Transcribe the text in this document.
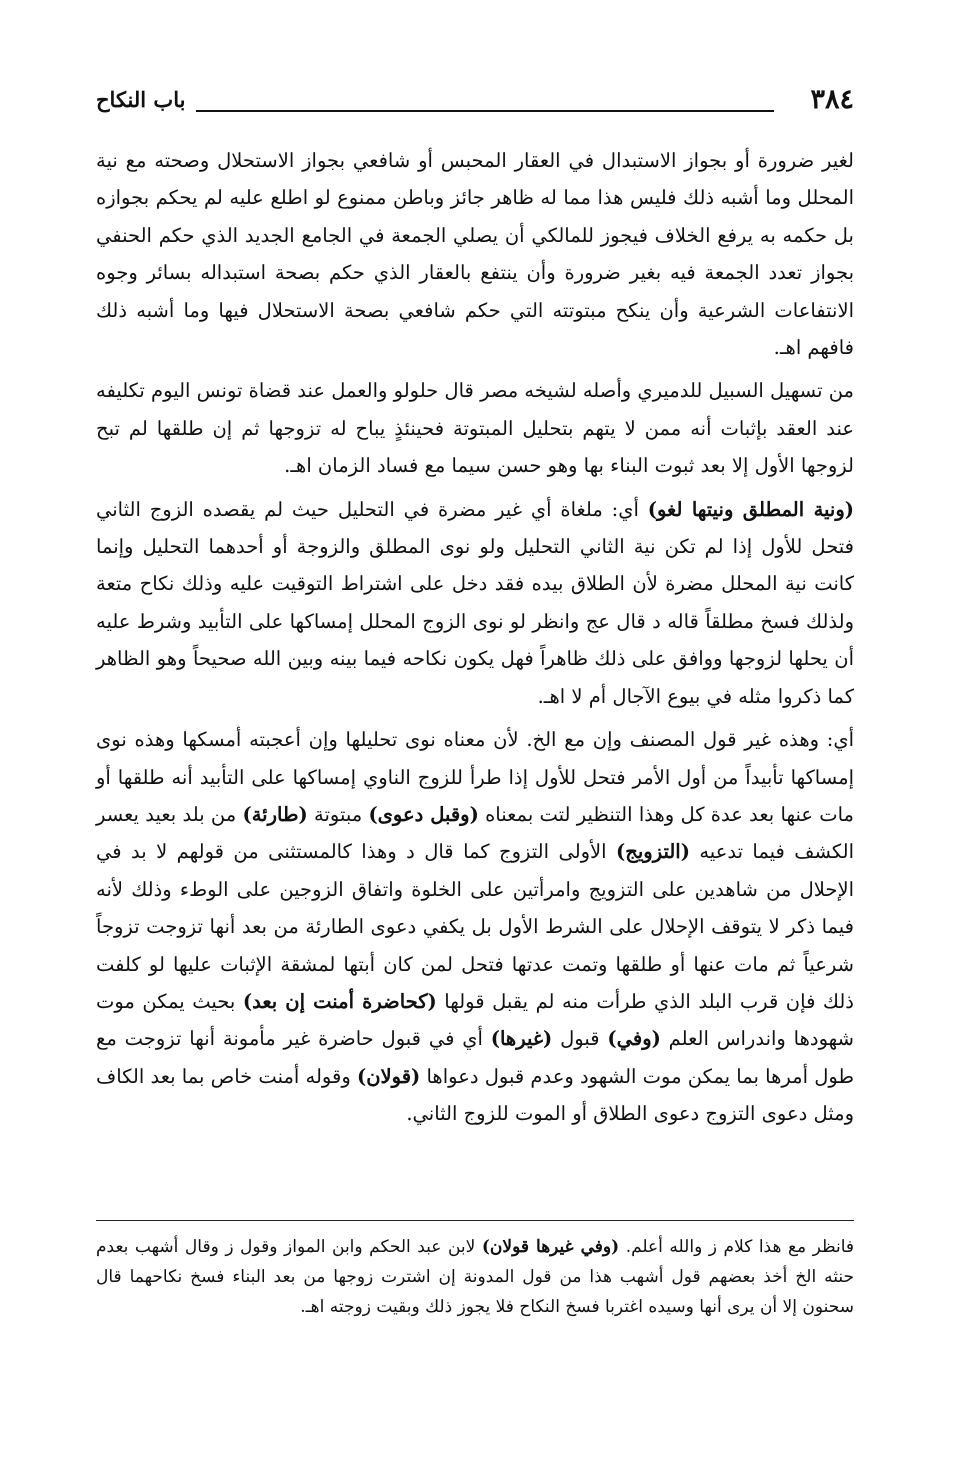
٣٨٤
باب النكاح

لغير ضرورة أو بجواز الاستبدال في العقار المحبس أو شافعي بجواز الاستحلال وصحته مع نية المحلل وما أشبه ذلك فليس هذا مما له ظاهر جائز وباطن ممنوع لو اطلع عليه لم يحكم بجوازه بل حكمه به يرفع الخلاف فيجوز للمالكي أن يصلي الجمعة في الجامع الجديد الذي حكم الحنفي بجواز تعدد الجمعة فيه بغير ضرورة وأن ينتفع بالعقار الذي حكم بصحة استبداله بسائر وجوه الانتفاعات الشرعية وأن ينكح مبتوتته التي حكم شافعي بصحة الاستحلال فيها وما أشبه ذلك فافهم اهـ.

من تسهيل السبيل للدميري وأصله لشيخه مصر قال حلولو والعمل عند قضاة تونس اليوم تكليفه عند العقد بإثبات أنه ممن لا يتهم بتحليل المبتوتة فحينئذٍ يباح له تزوجها ثم إن طلقها لم تبح لزوجها الأول إلا بعد ثبوت البناء بها وهو حسن سيما مع فساد الزمان اهـ.

(ونية المطلق ونيتها لغو) أي: ملغاة أي غير مضرة في التحليل حيث لم يقصده الزوج الثاني فتحل للأول إذا لم تكن نية الثاني التحليل ولو نوى المطلق والزوجة أو أحدهما التحليل وإنما كانت نية المحلل مضرة لأن الطلاق بيده فقد دخل على اشتراط التوقيت عليه وذلك نكاح متعة ولذلك فسخ مطلقاً قاله د قال عج وانظر لو نوى الزوج المحلل إمساكها على التأبيد وشرط عليه أن يحلها لزوجها ووافق على ذلك ظاهراً فهل يكون نكاحه فيما بينه وبين الله صحيحاً وهو الظاهر كما ذكروا مثله في بيوع الآجال أم لا اهـ.

أي: وهذه غير قول المصنف وإن مع الخ. لأن معناه نوى تحليلها وإن أعجبته أمسكها وهذه نوى إمساكها تأبيداً من أول الأمر فتحل للأول إذا طرأ للزوج الناوي إمساكها على التأبيد أنه طلقها أو مات عنها بعد عدة كل وهذا التنظير لتت بمعناه (وقبل دعوى) مبتوتة (طارئة) من بلد بعيد يعسر الكشف فيما تدعيه (التزويج) الأولى التزوج كما قال د وهذا كالمستثنى من قولهم لا بد في الإحلال من شاهدين على التزويج وامرأتين على الخلوة واتفاق الزوجين على الوطء وذلك لأنه فيما ذكر لا يتوقف الإحلال على الشرط الأول بل يكفي دعوى الطارئة من بعد أنها تزوجت تزوجاً شرعياً ثم مات عنها أو طلقها وتمت عدتها فتحل لمن كان أبتها لمشقة الإثبات عليها لو كلفت ذلك فإن قرب البلد الذي طرأت منه لم يقبل قولها (كحاضرة أمنت إن بعد) بحيث يمكن موت شهودها واندراس العلم (وفي) قبول (غيرها) أي في قبول حاضرة غير مأمونة أنها تزوجت مع طول أمرها بما يمكن موت الشهود وعدم قبول دعواها (قولان) وقوله أمنت خاص بما بعد الكاف ومثل دعوى التزوج دعوى الطلاق أو الموت للزوج الثاني.

فانظر مع هذا كلام ز والله أعلم. (وفي غيرها قولان) لابن عبد الحكم وابن المواز وقول ز وقال أشهب بعدم حنثه الخ أخذ بعضهم قول أشهب هذا من قول المدونة إن اشترت زوجها من بعد البناء فسخ نكاحهما قال سحنون إلا أن يرى أنها وسيده اغتربا فسخ النكاح فلا يجوز ذلك وبقيت زوجته اهـ.
